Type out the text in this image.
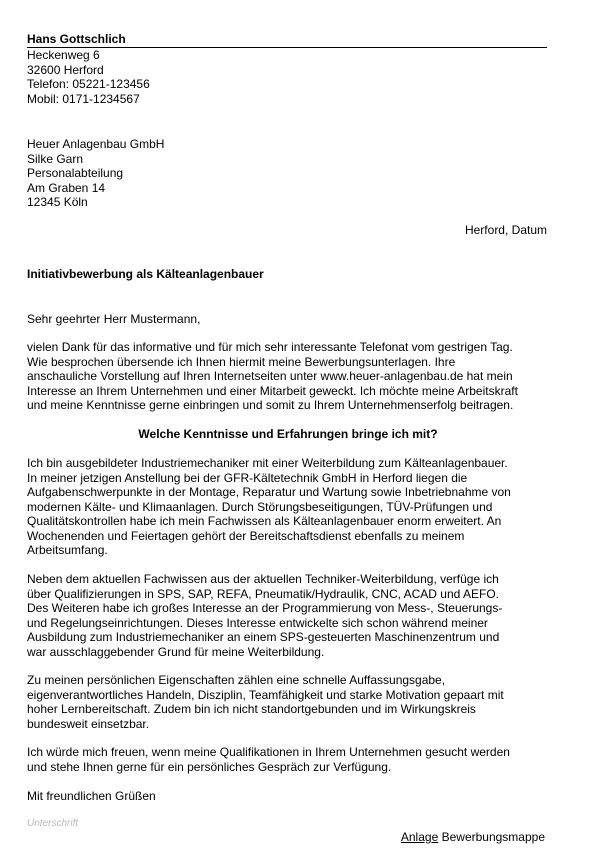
Hans Gottschlich
Heckenweg 6
32600 Herford
Telefon: 05221-123456
Mobil: 0171-1234567
Heuer Anlagenbau GmbH
Silke Garn
Personalabteilung
Am Graben 14
12345 Köln
Herford, Datum
Initiativbewerbung als Kälteanlagenbauer
Sehr geehrter Herr Mustermann,
vielen Dank für das informative und für mich sehr interessante Telefonat vom gestrigen Tag.
Wie besprochen übersende ich Ihnen hiermit meine Bewerbungsunterlagen. Ihre
anschauliche Vorstellung auf Ihren Internetseiten unter www.heuer-anlagenbau.de hat mein
Interesse an Ihrem Unternehmen und einer Mitarbeit geweckt. Ich möchte meine Arbeitskraft
und meine Kenntnisse gerne einbringen und somit zu Ihrem Unternehmenserfolg beitragen.
Welche Kenntnisse und Erfahrungen bringe ich mit?
Ich bin ausgebildeter Industriemechaniker mit einer Weiterbildung zum Kälteanlagenbauer.
In meiner jetzigen Anstellung bei der GFR-Kältetechnik GmbH in Herford liegen die
Aufgabenschwerpunkte in der Montage, Reparatur und Wartung sowie Inbetriebnahme von
modernen Kälte- und Klimaanlagen. Durch Störungsbeseitigungen, TÜV-Prüfungen und
Qualitätskontrollen habe ich mein Fachwissen als Kälteanlagenbauer enorm erweitert. An
Wochenenden und Feiertagen gehört der Bereitschaftsdienst ebenfalls zu meinem
Arbeitsumfang.
Neben dem aktuellen Fachwissen aus der aktuellen Techniker-Weiterbildung, verfüge ich
über Qualifizierungen in SPS, SAP, REFA, Pneumatik/Hydraulik, CNC, ACAD und AEFO.
Des Weiteren habe ich großes Interesse an der Programmierung von Mess-, Steuerungs-
und Regelungseinrichtungen. Dieses Interesse entwickelte sich schon während meiner
Ausbildung zum Industriemechaniker an einem SPS-gesteuerten Maschinenzentrum und
war ausschlaggebender Grund für meine Weiterbildung.
Zu meinen persönlichen Eigenschaften zählen eine schnelle Auffassungsgabe,
eigenverantwortliches Handeln, Disziplin, Teamfähigkeit und starke Motivation gepaart mit
hoher Lernbereitschaft. Zudem bin ich nicht standortgebunden und im Wirkungskreis
bundesweit einsetzbar.
Ich würde mich freuen, wenn meine Qualifikationen in Ihrem Unternehmen gesucht werden
und stehe Ihnen gerne für ein persönliches Gespräch zur Verfügung.
Mit freundlichen Grüßen
Unterschrift
Anlage Bewerbungsmappe
